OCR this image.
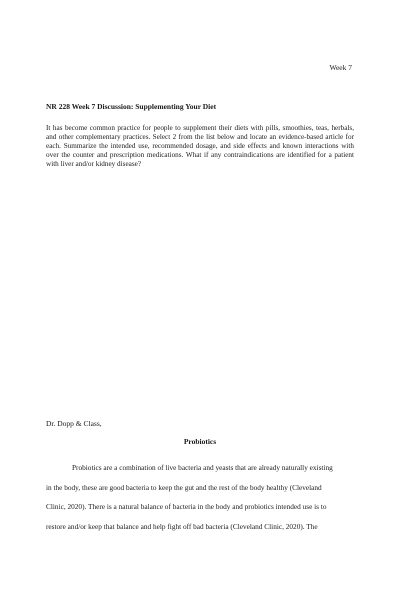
Week 7
NR 228 Week 7 Discussion: Supplementing Your Diet

It has become common practice for people to supplement their diets with pills, smoothies, teas, herbals, and other complementary practices. Select 2 from the list below and locate an evidence-based article for each. Summarize the intended use, recommended dosage, and side effects and known interactions with over the counter and prescription medications. What if any contraindications are identified for a patient with liver and/or kidney disease?

Dr. Dopp & Class,

Probiotics
Probiotics are a combination of live bacteria and yeasts that are already naturally existing
in the body, these are good bacteria to keep the gut and the rest of the body healthy (Cleveland
Clinic, 2020). There is a natural balance of bacteria in the body and probiotics intended use is to
restore and/or keep that balance and help fight off bad bacteria (Cleveland Clinic, 2020). The
